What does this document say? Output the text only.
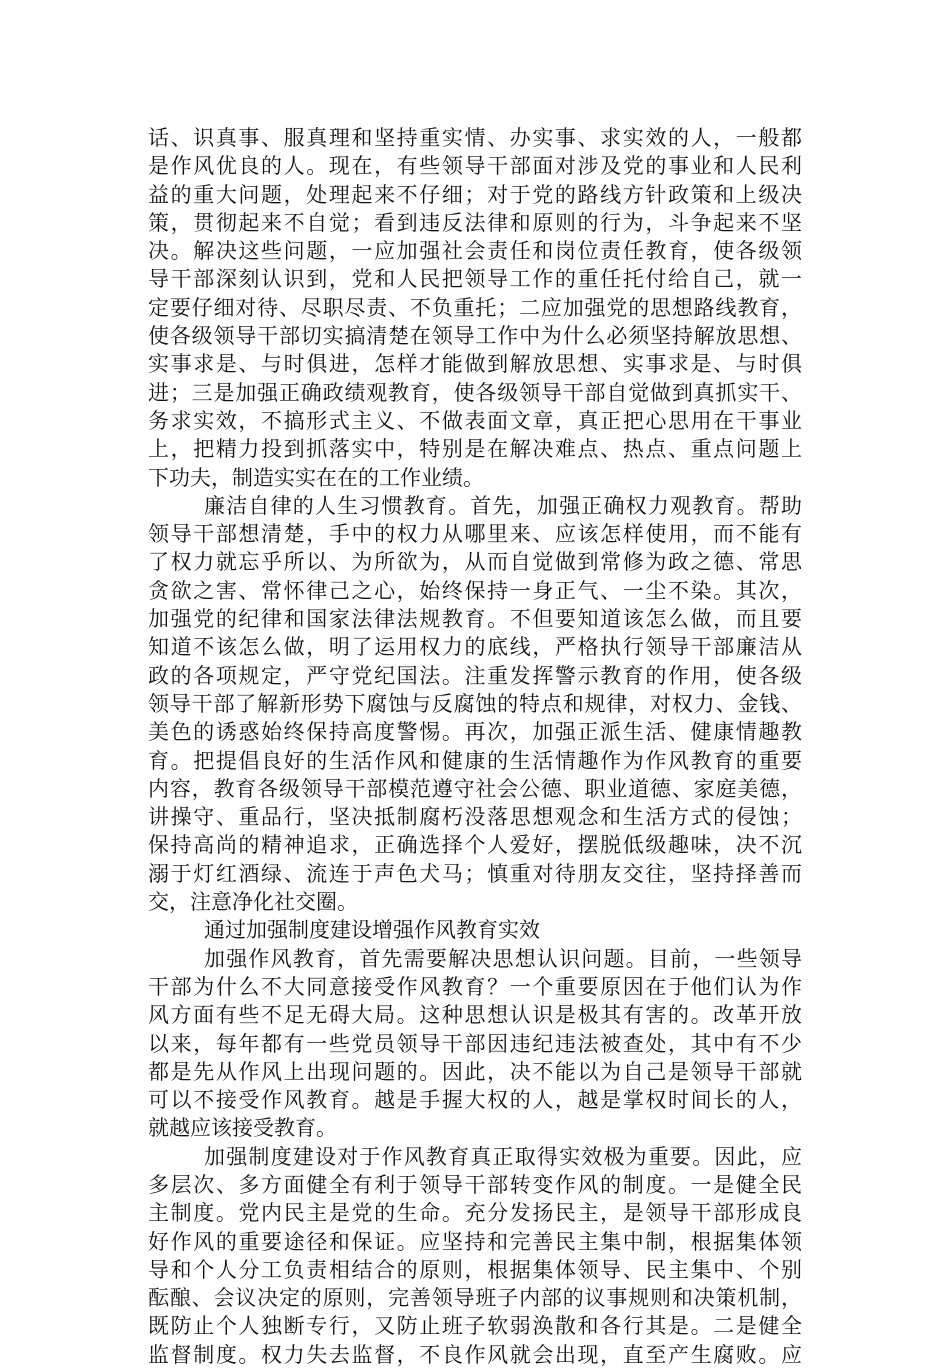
话、识真事、服真理和坚持重实情、办实事、求实效的人，一般都
是作风优良的人。现在，有些领导干部面对涉及党的事业和人民利
益的重大问题，处理起来不仔细；对于党的路线方针政策和上级决
策，贯彻起来不自觉；看到违反法律和原则的行为，斗争起来不坚
决。解决这些问题，一应加强社会责任和岗位责任教育，使各级领
导干部深刻认识到，党和人民把领导工作的重任托付给自己，就一
定要仔细对待、尽职尽责、不负重托；二应加强党的思想路线教育，
使各级领导干部切实搞清楚在领导工作中为什么必须坚持解放思想、
实事求是、与时俱进，怎样才能做到解放思想、实事求是、与时俱
进；三是加强正确政绩观教育，使各级领导干部自觉做到真抓实干、
务求实效，不搞形式主义、不做表面文章，真正把心思用在干事业
上，把精力投到抓落实中，特别是在解决难点、热点、重点问题上
下功夫，制造实实在在的工作业绩。
廉洁自律的人生习惯教育。首先，加强正确权力观教育。帮助
领导干部想清楚，手中的权力从哪里来、应该怎样使用，而不能有
了权力就忘乎所以、为所欲为，从而自觉做到常修为政之德、常思
贪欲之害、常怀律己之心，始终保持一身正气、一尘不染。其次，
加强党的纪律和国家法律法规教育。不但要知道该怎么做，而且要
知道不该怎么做，明了运用权力的底线，严格执行领导干部廉洁从
政的各项规定，严守党纪国法。注重发挥警示教育的作用，使各级
领导干部了解新形势下腐蚀与反腐蚀的特点和规律，对权力、金钱、
美色的诱惑始终保持高度警惕。再次，加强正派生活、健康情趣教
育。把提倡良好的生活作风和健康的生活情趣作为作风教育的重要
内容，教育各级领导干部模范遵守社会公德、职业道德、家庭美德，
讲操守、重品行，坚决抵制腐朽没落思想观念和生活方式的侵蚀；
保持高尚的精神追求，正确选择个人爱好，摆脱低级趣味，决不沉
溺于灯红酒绿、流连于声色犬马；慎重对待朋友交往，坚持择善而
交，注意净化社交圈。
通过加强制度建设增强作风教育实效
加强作风教育，首先需要解决思想认识问题。目前，一些领导
干部为什么不大同意接受作风教育？一个重要原因在于他们认为作
风方面有些不足无碍大局。这种思想认识是极其有害的。改革开放
以来，每年都有一些党员领导干部因违纪违法被查处，其中有不少
都是先从作风上出现问题的。因此，决不能以为自己是领导干部就
可以不接受作风教育。越是手握大权的人，越是掌权时间长的人，
就越应该接受教育。
加强制度建设对于作风教育真正取得实效极为重要。因此，应
多层次、多方面健全有利于领导干部转变作风的制度。一是健全民
主制度。党内民主是党的生命。充分发扬民主，是领导干部形成良
好作风的重要途径和保证。应坚持和完善民主集中制，根据集体领
导和个人分工负责相结合的原则，根据集体领导、民主集中、个别
酝酿、会议决定的原则，完善领导班子内部的议事规则和决策机制，
既防止个人独断专行，又防止班子软弱涣散和各行其是。二是健全
监督制度。权力失去监督，不良作风就会出现，直至产生腐败。应
